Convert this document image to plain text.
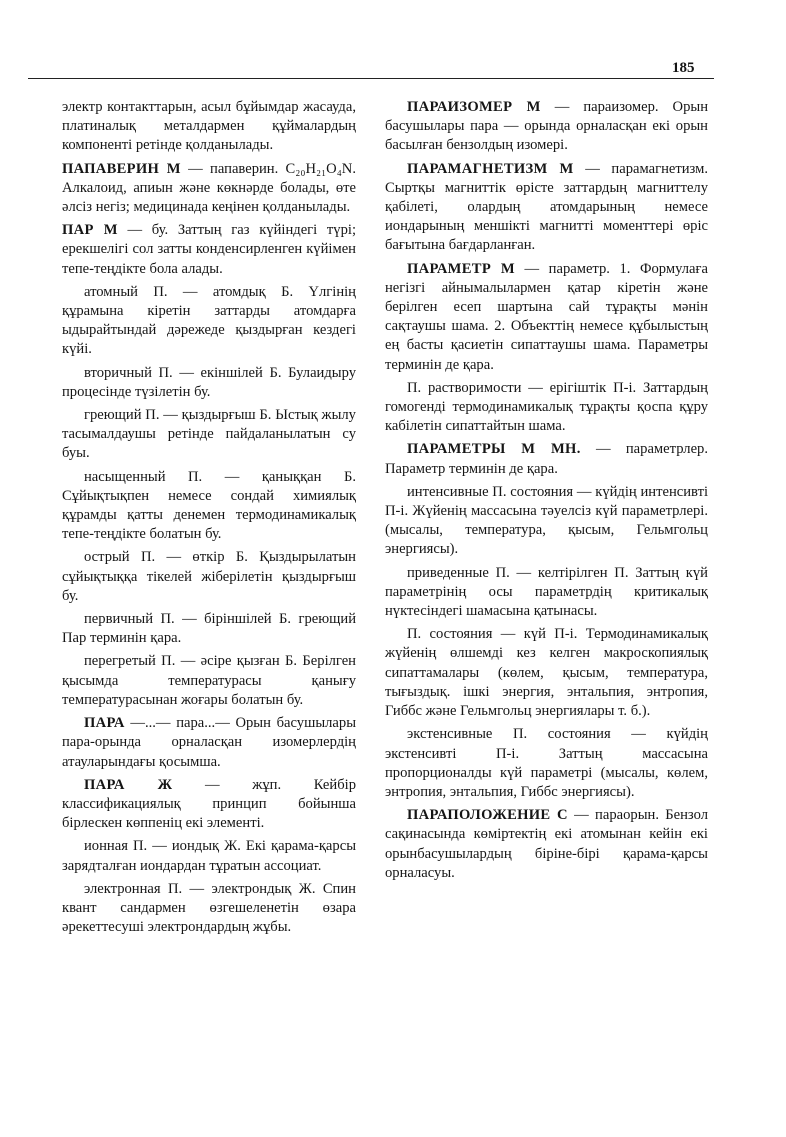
185

электр контакттарын, асыл бұйымдар жасауда, платиналық металдармен құймалардың компоненті ретінде қолданылады.

ПАПАВЕРИН М — папаверин. C₂₀H₂₁O₄N. Алкалоид, апиын және көкнәрде болады, өте әлсіз негіз; медицинада кеңінен қолданылады.

ПАР М — бу. Заттың газ күйіндегі түрі; ерекшелігі сол затты конденсирленген күйімен тепе-теңдікте бола алады.

атомный П. — атомдық Б. Үлгінің құрамына кіретін заттарды атомдарға ыдырайтындай дәрежеде қыздырған кездегі күйі.

вторичный П. — екіншілей Б. Булаидыру процесінде түзілетін бу.

греющий П. — қыздырғыш Б. Ыстық жылу тасымалдаушы ретінде пайдаланылатын су буы.

насыщенный П. — қаныққан Б. Сұйықтықпен немесе сондай химиялық құрамды қатты денемен термодинамикалық тепе-теңдікте болатын бу.

острый П. — өткір Б. Қыздырылатын сұйықтыққа тікелей жіберілетін қыздырғыш бу.

первичный П. — біріншілей Б. греющий Пар терминін қара.

перегретый П. — әсіре қызған Б. Берілген қысымда температурасы қанығу температурасынан жоғары болатын бу.

ПАРА —...— пара...— Орын басушылары пара-орында орналасқан изомерлердің атауларындағы қосымша.

ПАРА Ж — жұп. Кейбір классификациялық принцип бойынша бірлескен көппеніц екі элементі.

ионная П. — иондық Ж. Екі қарама-қарсы зарядталған иондардан тұратын ассоциат.

электронная П. — электрондық Ж. Спин квант сандармен өзгешеленетін өзара әрекеттесуші электрондардың жұбы.

ПАРАИЗОМЕР М — параизомер. Орын басушылары пара — орында орналасқан екі орын басылған бензолдың изомері.

ПАРАМАГНЕТИЗМ М — парамагнетизм. Сыртқы магниттік өрісте заттардың магниттелу қабілеті, олардың атомдарының немесе иондарының меншікті магнитті моменттері өріс бағытына бағдарланған.

ПАРАМЕТР М — параметр. 1. Формулаға негізгі айнымалылармен қатар кіретін және берілген есеп шартына сай тұрақты мәнін сақтаушы шама. 2. Объекттің немесе құбылыстың ең басты қасиетін сипаттаушы шама. Параметры терминін де қара.

П. растворимости — ерігіштік П-і. Заттардың гомогенді термодинамикалық тұрақты қоспа құру кабілетін сипаттайтын шама.

ПАРАМЕТРЫ М МН. — параметрлер. Параметр терминін де қара.

интенсивные П. состояния — күйдің интенсивті П-і. Жүйенің массасына тәуелсіз күй параметрлері. (мысалы, температура, қысым, Гельмгольц энергиясы).

приведенные П. — келтірілген П. Заттың күй параметрінің осы параметрдің критикалық нүктесіндегі шамасына қатынасы.

П. состояния — күй П-і. Термодинамикалық жүйенің өлшемді кез келген макроскопиялық сипаттамалары (көлем, қысым, температура, тығыздық. ішкі энергия, энтальпия, энтропия, Гиббс және Гельмгольц энергиялары т. б.).

экстенсивные П. состояния — күйдің экстенсивті П-і. Заттың массасына пропорционалды күй параметрі (мысалы, көлем, энтропия, энтальпия, Гиббс энергиясы).

ПАРАПОЛОЖЕНИЕ С — параорын. Бензол сақинасында көміртектің екі атомынан кейін екі орынбасушылардың біріне-бірі қарама-қарсы орналасуы.
